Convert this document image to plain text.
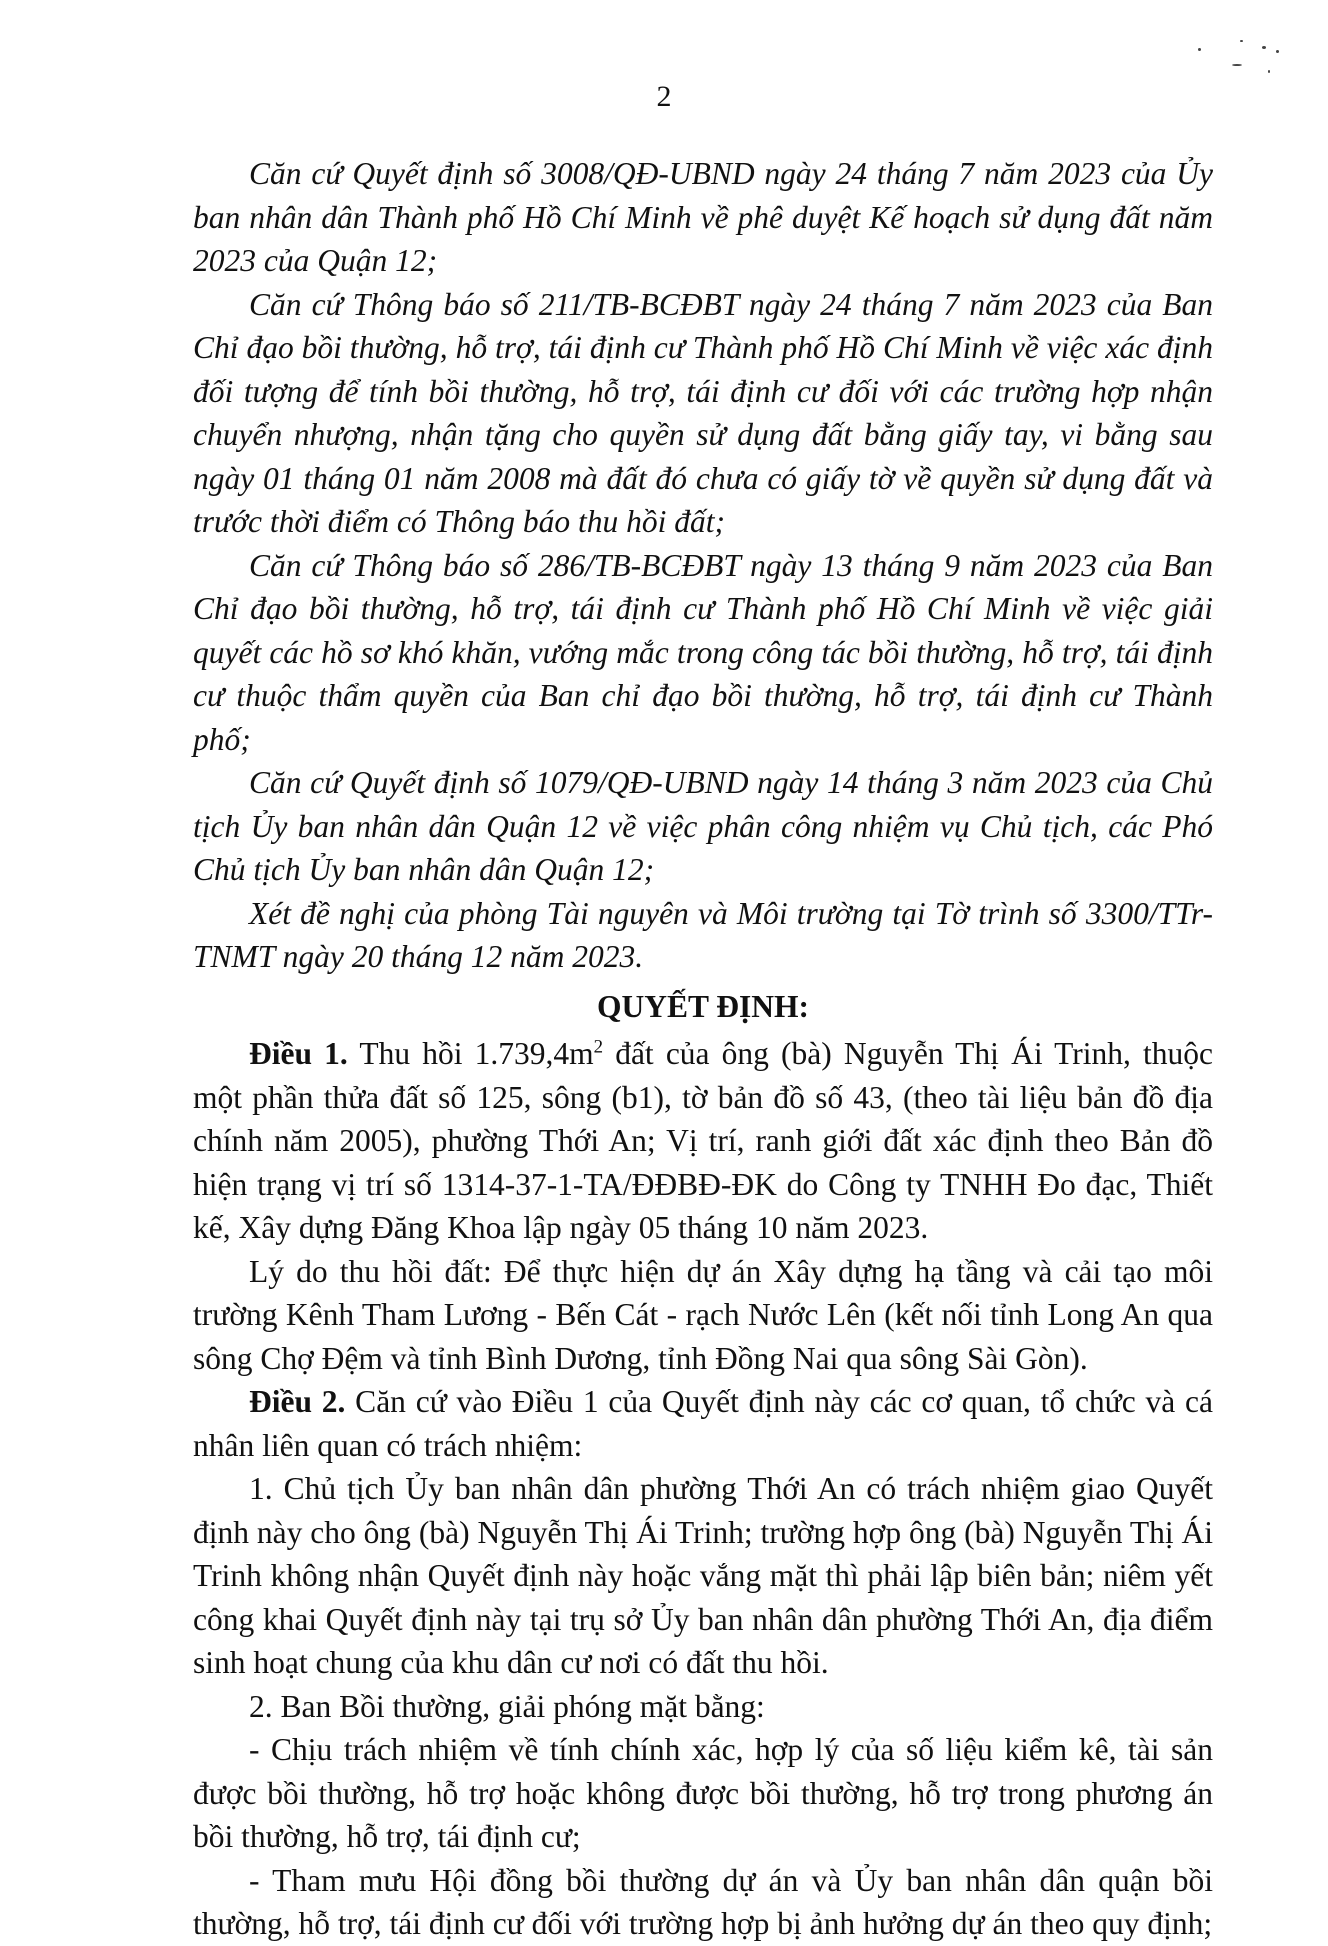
2

Căn cứ Quyết định số 3008/QĐ-UBND ngày 24 tháng 7 năm 2023 của Ủy ban nhân dân Thành phố Hồ Chí Minh về phê duyệt Kế hoạch sử dụng đất năm 2023 của Quận 12;

Căn cứ Thông báo số 211/TB-BCĐBT ngày 24 tháng 7 năm 2023 của Ban Chỉ đạo bồi thường, hỗ trợ, tái định cư Thành phố Hồ Chí Minh về việc xác định đối tượng để tính bồi thường, hỗ trợ, tái định cư đối với các trường hợp nhận chuyển nhượng, nhận tặng cho quyền sử dụng đất bằng giấy tay, vi bằng sau ngày 01 tháng 01 năm 2008 mà đất đó chưa có giấy tờ về quyền sử dụng đất và trước thời điểm có Thông báo thu hồi đất;

Căn cứ Thông báo số 286/TB-BCĐBT ngày 13 tháng 9 năm 2023 của Ban Chỉ đạo bồi thường, hỗ trợ, tái định cư Thành phố Hồ Chí Minh về việc giải quyết các hồ sơ khó khăn, vướng mắc trong công tác bồi thường, hỗ trợ, tái định cư thuộc thẩm quyền của Ban chỉ đạo bồi thường, hỗ trợ, tái định cư Thành phố;

Căn cứ Quyết định số 1079/QĐ-UBND ngày 14 tháng 3 năm 2023 của Chủ tịch Ủy ban nhân dân Quận 12 về việc phân công nhiệm vụ Chủ tịch, các Phó Chủ tịch Ủy ban nhân dân Quận 12;

Xét đề nghị của phòng Tài nguyên và Môi trường tại Tờ trình số 3300/TTr-TNMT ngày 20 tháng 12 năm 2023.

QUYẾT ĐỊNH:

Điều 1. Thu hồi $1.739,4m^2$ đất của ông (bà) Nguyễn Thị Ái Trinh, thuộc một phần thửa đất số 125, sông (b1), tờ bản đồ số 43, (theo tài liệu bản đồ địa chính năm 2005), phường Thới An; Vị trí, ranh giới đất xác định theo Bản đồ hiện trạng vị trí số 1314-37-1-TA/ĐĐBĐ-ĐK do Công ty TNHH Đo đạc, Thiết kế, Xây dựng Đăng Khoa lập ngày 05 tháng 10 năm 2023.

Lý do thu hồi đất: Để thực hiện dự án Xây dựng hạ tầng và cải tạo môi trường Kênh Tham Lương - Bến Cát - rạch Nước Lên (kết nối tỉnh Long An qua sông Chợ Đệm và tỉnh Bình Dương, tỉnh Đồng Nai qua sông Sài Gòn).

Điều 2. Căn cứ vào Điều 1 của Quyết định này các cơ quan, tổ chức và cá nhân liên quan có trách nhiệm:

1. Chủ tịch Ủy ban nhân dân phường Thới An có trách nhiệm giao Quyết định này cho ông (bà) Nguyễn Thị Ái Trinh; trường hợp ông (bà) Nguyễn Thị Ái Trinh không nhận Quyết định này hoặc vắng mặt thì phải lập biên bản; niêm yết công khai Quyết định này tại trụ sở Ủy ban nhân dân phường Thới An, địa điểm sinh hoạt chung của khu dân cư nơi có đất thu hồi.

2. Ban Bồi thường, giải phóng mặt bằng:

- Chịu trách nhiệm về tính chính xác, hợp lý của số liệu kiểm kê, tài sản được bồi thường, hỗ trợ hoặc không được bồi thường, hỗ trợ trong phương án bồi thường, hỗ trợ, tái định cư;

- Tham mưu Hội đồng bồi thường dự án và Ủy ban nhân dân quận bồi thường, hỗ trợ, tái định cư đối với trường hợp bị ảnh hưởng dự án theo quy định;
